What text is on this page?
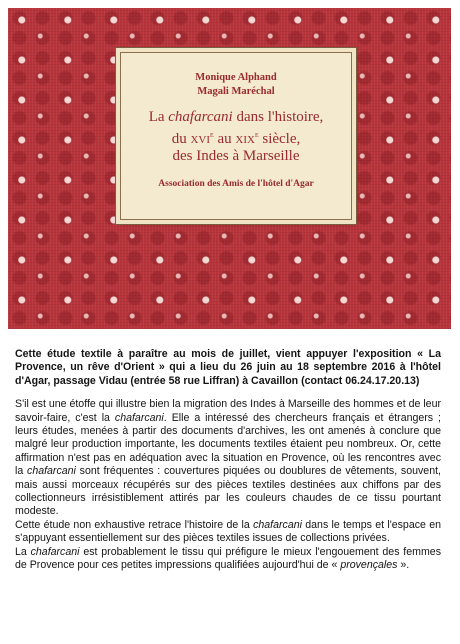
Monique Alphand
Magali Maréchal
La chafarcani dans l'histoire,
du xvi$^e$ au xix$^e$ siècle,
des Indes à Marseille
Association des Amis de l'hôtel d'Agar

Cette étude textile à paraître au mois de juillet, vient appuyer l'exposition « La Provence, un rêve d'Orient » qui a lieu du 26 juin au 18 septembre 2016 à l'hôtel d'Agar, passage Vidau (entrée 58 rue Liffran) à Cavaillon (contact 06.24.17.20.13)

S'il est une étoffe qui illustre bien la migration des Indes à Marseille des hommes et de leur savoir-faire, c'est la chafarcani. Elle a intéressé des chercheurs français et étrangers ; leurs études, menées à partir des documents d'archives, les ont amenés à conclure que malgré leur production importante, les documents textiles étaient peu nombreux. Or, cette affirmation n'est pas en adéquation avec la situation en Provence, où les rencontres avec la chafarcani sont fréquentes : couvertures piquées ou doublures de vêtements, souvent, mais aussi morceaux récupérés sur des pièces textiles destinées aux chiffons par des collectionneurs irrésistiblement attirés par les couleurs chaudes de ce tissu pourtant modeste.

Cette étude non exhaustive retrace l'histoire de la chafarcani dans le temps et l'espace en s'appuyant essentiellement sur des pièces textiles issues de collections privées.

La chafarcani est probablement le tissu qui préfigure le mieux l'engouement des femmes de Provence pour ces petites impressions qualifiées aujourd'hui de « provençales ».
